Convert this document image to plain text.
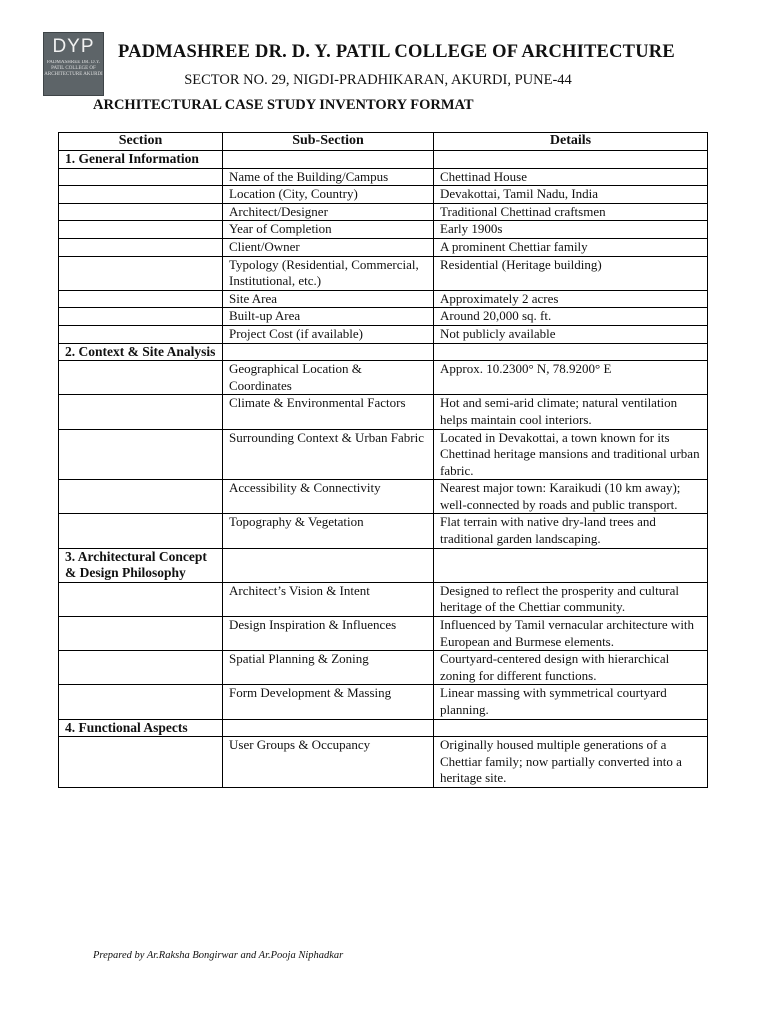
DYP
PADMASHREE DR. D.Y. PATIL COLLEGE OF ARCHITECTURE AKURDI
PADMASHREE DR. D. Y. PATIL COLLEGE OF ARCHITECTURE
SECTOR NO. 29, NIGDI-PRADHIKARAN, AKURDI, PUNE-44
ARCHITECTURAL CASE STUDY INVENTORY FORMAT
Section	Sub-Section	Details
1. General Information		
	Name of the Building/Campus	Chettinad House
	Location (City, Country)	Devakottai, Tamil Nadu, India
	Architect/Designer	Traditional Chettinad craftsmen
	Year of Completion	Early 1900s
	Client/Owner	A prominent Chettiar family
	Typology (Residential, Commercial, Institutional, etc.)	Residential (Heritage building)
	Site Area	Approximately 2 acres
	Built-up Area	Around 20,000 sq. ft.
	Project Cost (if available)	Not publicly available
2. Context & Site Analysis		
	Geographical Location & Coordinates	Approx. 10.2300° N, 78.9200° E
	Climate & Environmental Factors	Hot and semi-arid climate; natural ventilation helps maintain cool interiors.
	Surrounding Context & Urban Fabric	Located in Devakottai, a town known for its Chettinad heritage mansions and traditional urban fabric.
	Accessibility & Connectivity	Nearest major town: Karaikudi (10 km away); well-connected by roads and public transport.
	Topography & Vegetation	Flat terrain with native dry-land trees and traditional garden landscaping.
3. Architectural Concept & Design Philosophy		
	Architect’s Vision & Intent	Designed to reflect the prosperity and cultural heritage of the Chettiar community.
	Design Inspiration & Influences	Influenced by Tamil vernacular architecture with European and Burmese elements.
	Spatial Planning & Zoning	Courtyard-centered design with hierarchical zoning for different functions.
	Form Development & Massing	Linear massing with symmetrical courtyard planning.
4. Functional Aspects		
	User Groups & Occupancy	Originally housed multiple generations of a Chettiar family; now partially converted into a heritage site.
Prepared by Ar.Raksha Bongirwar and Ar.Pooja Niphadkar
